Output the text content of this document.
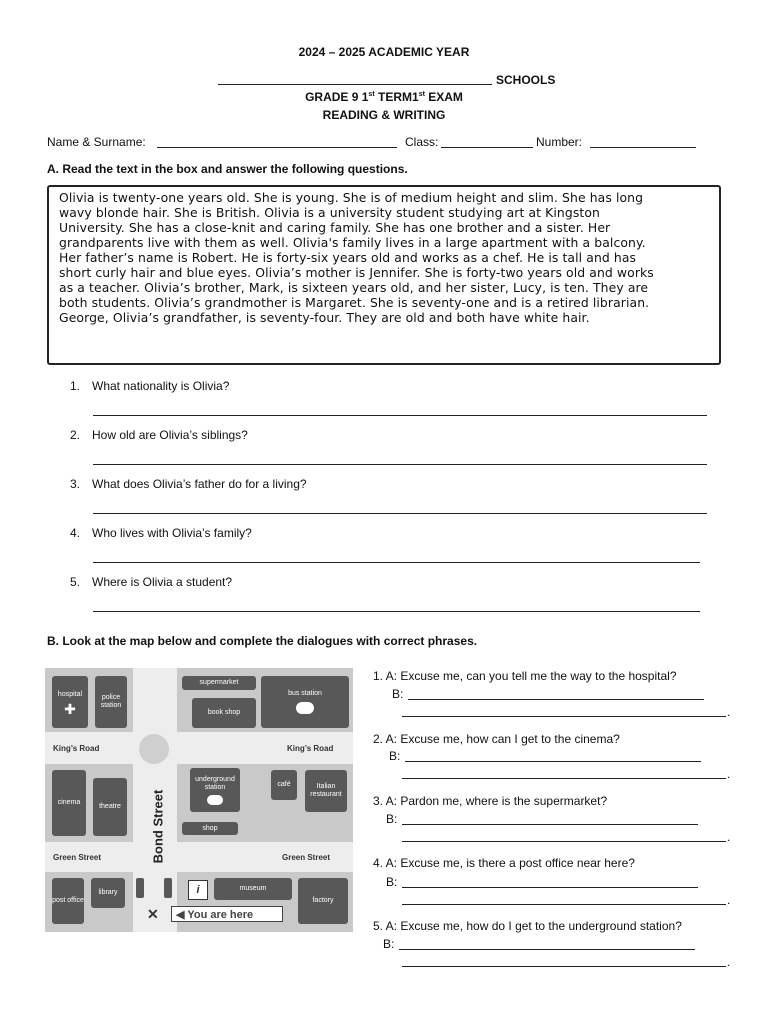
2024 – 2025 ACADEMIC YEAR
SCHOOLS
GRADE 9 1st TERM1st EXAM
READING & WRITING
Name & Surname:	Class:	Number:
A. Read the text in the box and answer the following questions.
Olivia is twenty-one years old. She is young. She is of medium height and slim. She has long
wavy blonde hair. She is British. Olivia is a university student studying art at Kingston
University. She has a close-knit and caring family. She has one brother and a sister. Her
grandparents live with them as well. Olivia's family lives in a large apartment with a balcony.
Her father’s name is Robert. He is forty-six years old and works as a chef. He is tall and has
short curly hair and blue eyes. Olivia’s mother is Jennifer. She is forty-two years old and works
as a teacher. Olivia’s brother, Mark, is sixteen years old, and her sister, Lucy, is ten. They are
both students. Olivia’s grandmother is Margaret. She is seventy-one and is a retired librarian.
George, Olivia’s grandfather, is seventy-four. They are old and both have white hair.
1. What nationality is Olivia?
2. How old are Olivia’s siblings?
3. What does Olivia’s father do for a living?
4. Who lives with Olivia’s family?
5. Where is Olivia a student?
B. Look at the map below and complete the dialogues with correct phrases.
hospital
✚
police station
supermarket
bus station
book shop
King’s Road	King’s Road
cinema
theatre
underground station	café	Italian restaurant
shop
Bond Street
Green Street	Green Street
post office
library	i	museum
factory
✕	◀ You are here
1. A: Excuse me, can you tell me the way to the hospital?
B:
.
2. A: Excuse me, how can I get to the cinema?
B:
.
3. A: Pardon me, where is the supermarket?
B:
.
4. A: Excuse me, is there a post office near here?
B:
.
5. A: Excuse me, how do I get to the underground station?
B:
.
